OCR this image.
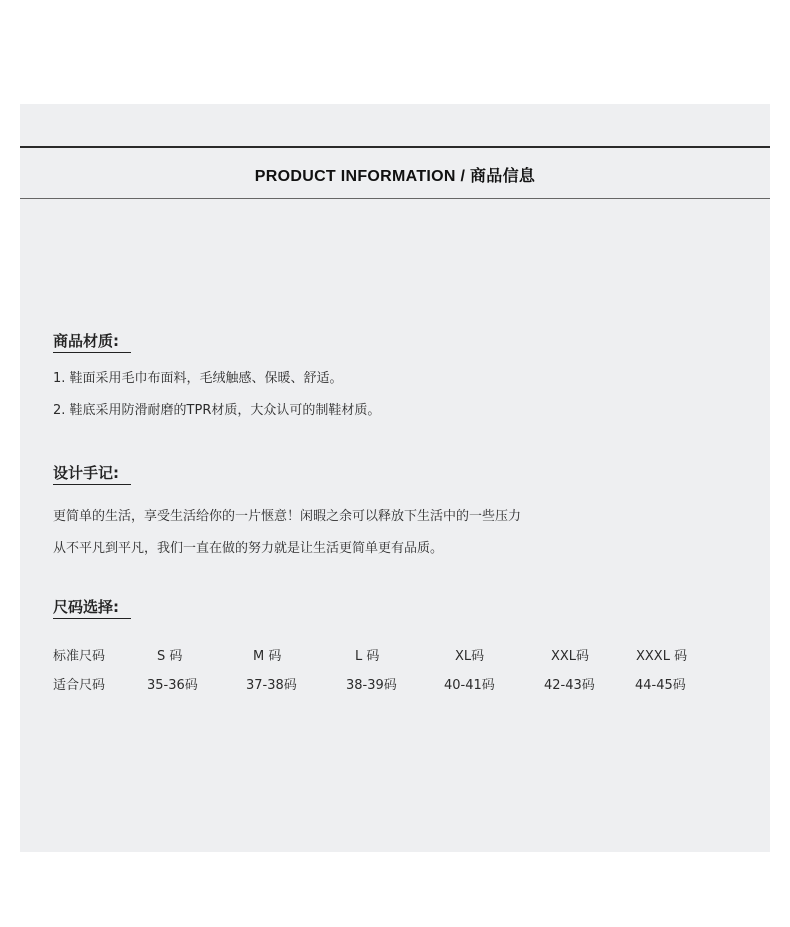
PRODUCT INFORMATION / 商品信息
商品材质:
1. 鞋面采用毛巾布面料，毛绒触感、保暖、舒适。
2. 鞋底采用防滑耐磨的TPR材质，大众认可的制鞋材质。
设计手记:
更简单的生活，享受生活给你的一片惬意！闲暇之余可以释放下生活中的一些压力
从不平凡到平凡，我们一直在做的努力就是让生活更简单更有品质。
尺码选择:
标准尺码	S 码	M 码	L 码	XL码	XXL码	XXXL 码
适合尺码	35-36码	37-38码	38-39码	40-41码	42-43码	44-45码
